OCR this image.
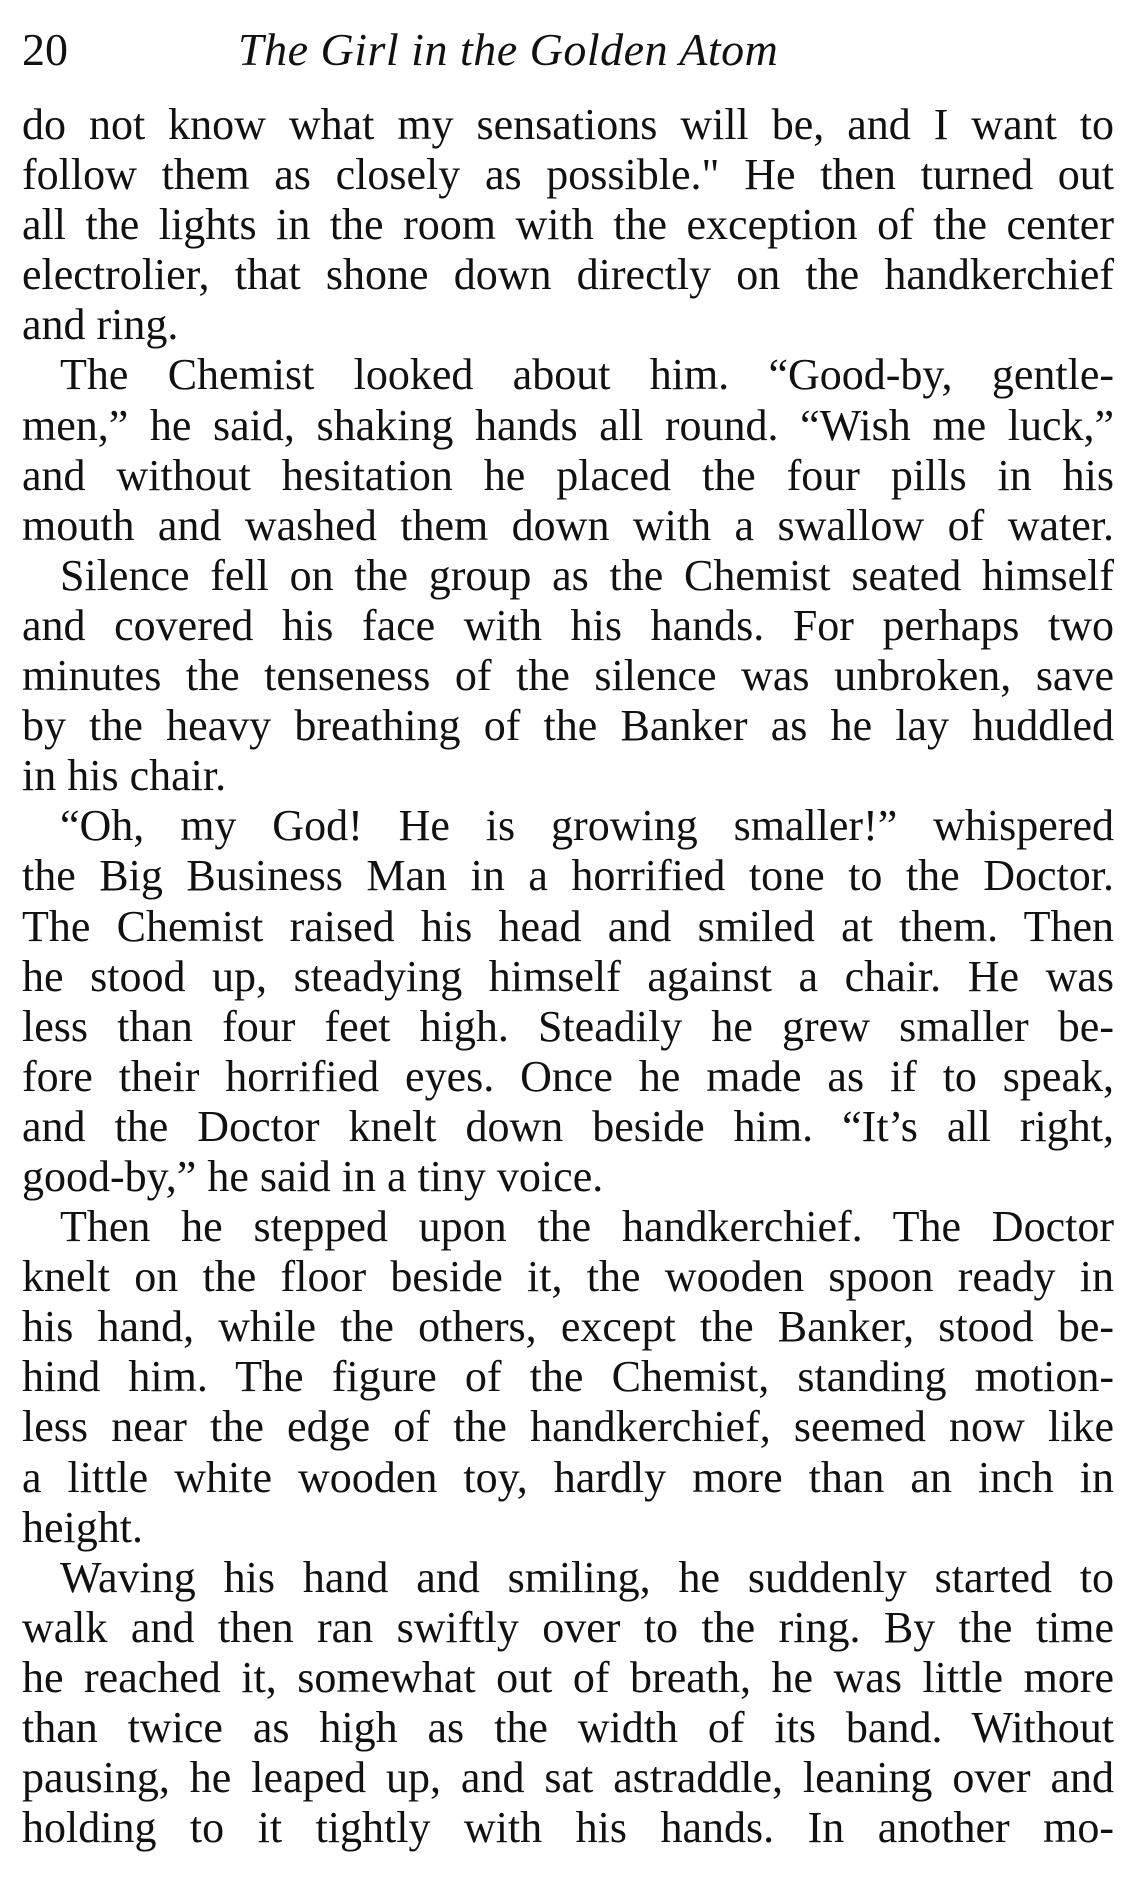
20	The Girl in the Golden Atom
do not know what my sensations will be, and I want to
follow them as closely as possible." He then turned out
all the lights in the room with the exception of the center
electrolier, that shone down directly on the handkerchief
and ring.
The Chemist looked about him. “Good-by, gentle-
men,” he said, shaking hands all round. “Wish me luck,”
and without hesitation he placed the four pills in his
mouth and washed them down with a swallow of water.
Silence fell on the group as the Chemist seated himself
and covered his face with his hands. For perhaps two
minutes the tenseness of the silence was unbroken, save
by the heavy breathing of the Banker as he lay huddled
in his chair.
“Oh, my God! He is growing smaller!” whispered
the Big Business Man in a horrified tone to the Doctor.
The Chemist raised his head and smiled at them. Then
he stood up, steadying himself against a chair. He was
less than four feet high. Steadily he grew smaller be-
fore their horrified eyes. Once he made as if to speak,
and the Doctor knelt down beside him. “It’s all right,
good-by,” he said in a tiny voice.
Then he stepped upon the handkerchief. The Doctor
knelt on the floor beside it, the wooden spoon ready in
his hand, while the others, except the Banker, stood be-
hind him. The figure of the Chemist, standing motion-
less near the edge of the handkerchief, seemed now like
a little white wooden toy, hardly more than an inch in
height.
Waving his hand and smiling, he suddenly started to
walk and then ran swiftly over to the ring. By the time
he reached it, somewhat out of breath, he was little more
than twice as high as the width of its band. Without
pausing, he leaped up, and sat astraddle, leaning over and
holding to it tightly with his hands. In another mo-
